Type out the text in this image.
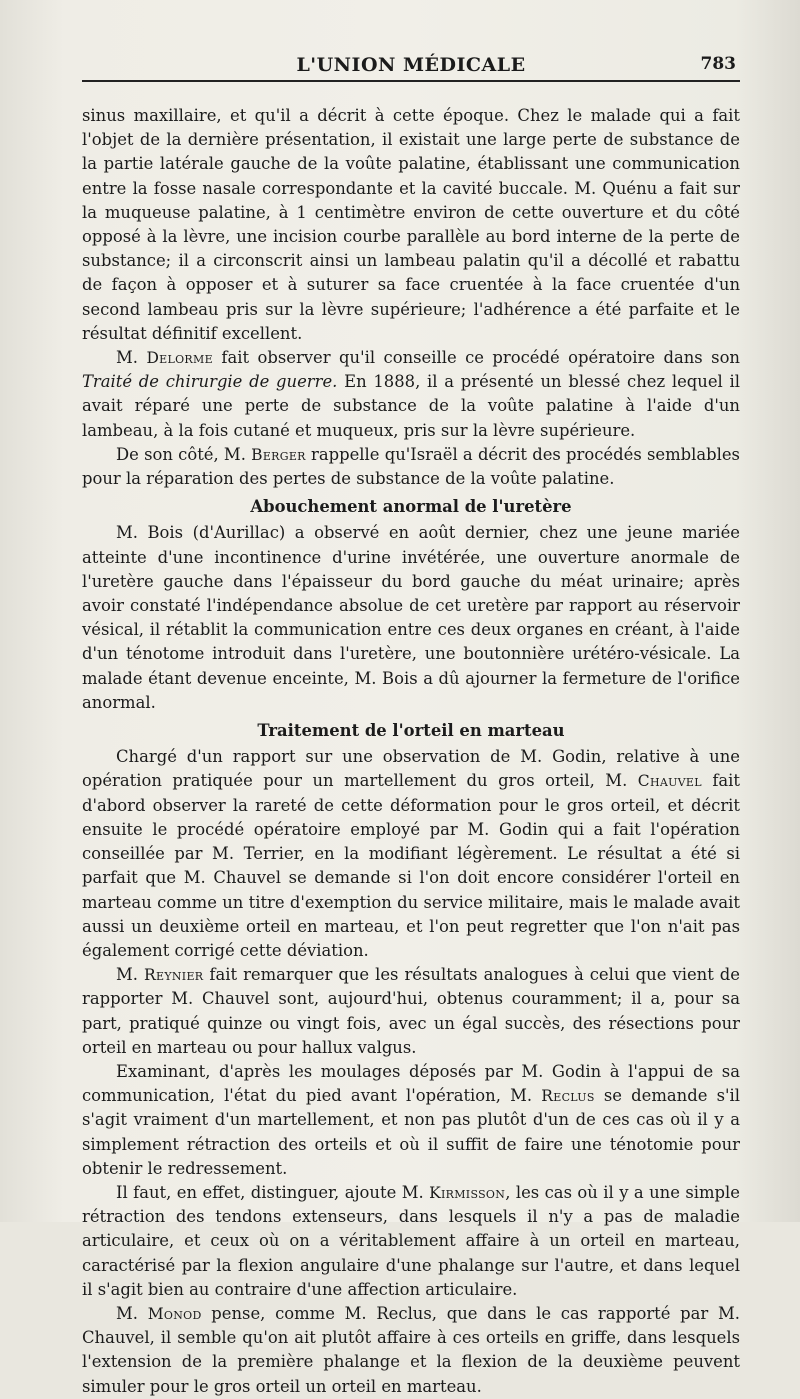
L'UNION MÉDICALE	783

sinus maxillaire, et qu'il a décrit à cette époque. Chez le malade qui a fait l'objet de la dernière présentation, il existait une large perte de substance de la partie latérale gauche de la voûte palatine, établissant une communication entre la fosse nasale correspondante et la cavité buccale. M. Quénu a fait sur la muqueuse palatine, à 1 centimètre environ de cette ouverture et du côté opposé à la lèvre, une incision courbe parallèle au bord interne de la perte de substance; il a circonscrit ainsi un lambeau palatin qu'il a décollé et rabattu de façon à opposer et à suturer sa face cruentée à la face cruentée d'un second lambeau pris sur la lèvre supérieure; l'adhérence a été parfaite et le résultat définitif excellent.

M. Delorme fait observer qu'il conseille ce procédé opératoire dans son Traité de chirurgie de guerre. En 1888, il a présenté un blessé chez lequel il avait réparé une perte de substance de la voûte palatine à l'aide d'un lambeau, à la fois cutané et muqueux, pris sur la lèvre supérieure.

De son côté, M. Berger rappelle qu'Israël a décrit des procédés semblables pour la réparation des pertes de substance de la voûte palatine.

Abouchement anormal de l'uretère

M. Bois (d'Aurillac) a observé en août dernier, chez une jeune mariée atteinte d'une incontinence d'urine invétérée, une ouverture anormale de l'uretère gauche dans l'épaisseur du bord gauche du méat urinaire; après avoir constaté l'indépendance absolue de cet uretère par rapport au réservoir vésical, il rétablit la communication entre ces deux organes en créant, à l'aide d'un ténotome introduit dans l'uretère, une boutonnière urétéro-vésicale. La malade étant devenue enceinte, M. Bois a dû ajourner la fermeture de l'orifice anormal.

Traitement de l'orteil en marteau

Chargé d'un rapport sur une observation de M. Godin, relative à une opération pratiquée pour un martellement du gros orteil, M. Chauvel fait d'abord observer la rareté de cette déformation pour le gros orteil, et décrit ensuite le procédé opératoire employé par M. Godin qui a fait l'opération conseillée par M. Terrier, en la modifiant légèrement. Le résultat a été si parfait que M. Chauvel se demande si l'on doit encore considérer l'orteil en marteau comme un titre d'exemption du service militaire, mais le malade avait aussi un deuxième orteil en marteau, et l'on peut regretter que l'on n'ait pas également corrigé cette déviation.

M. Reynier fait remarquer que les résultats analogues à celui que vient de rapporter M. Chauvel sont, aujourd'hui, obtenus couramment; il a, pour sa part, pratiqué quinze ou vingt fois, avec un égal succès, des résections pour orteil en marteau ou pour hallux valgus.

Examinant, d'après les moulages déposés par M. Godin à l'appui de sa communication, l'état du pied avant l'opération, M. Reclus se demande s'il s'agit vraiment d'un martellement, et non pas plutôt d'un de ces cas où il y a simplement rétraction des orteils et où il suffit de faire une ténotomie pour obtenir le redressement.

Il faut, en effet, distinguer, ajoute M. Kirmisson, les cas où il y a une simple rétraction des tendons extenseurs, dans lesquels il n'y a pas de maladie articulaire, et ceux où on a véritablement affaire à un orteil en marteau, caractérisé par la flexion angulaire d'une phalange sur l'autre, et dans lequel il s'agit bien au contraire d'une affection articulaire.

M. Monod pense, comme M. Reclus, que dans le cas rapporté par M. Chauvel, il semble qu'on ait plutôt affaire à ces orteils en griffe, dans lesquels l'extension de la première phalange et la flexion de la deuxième peuvent simuler pour le gros orteil un orteil en marteau.
